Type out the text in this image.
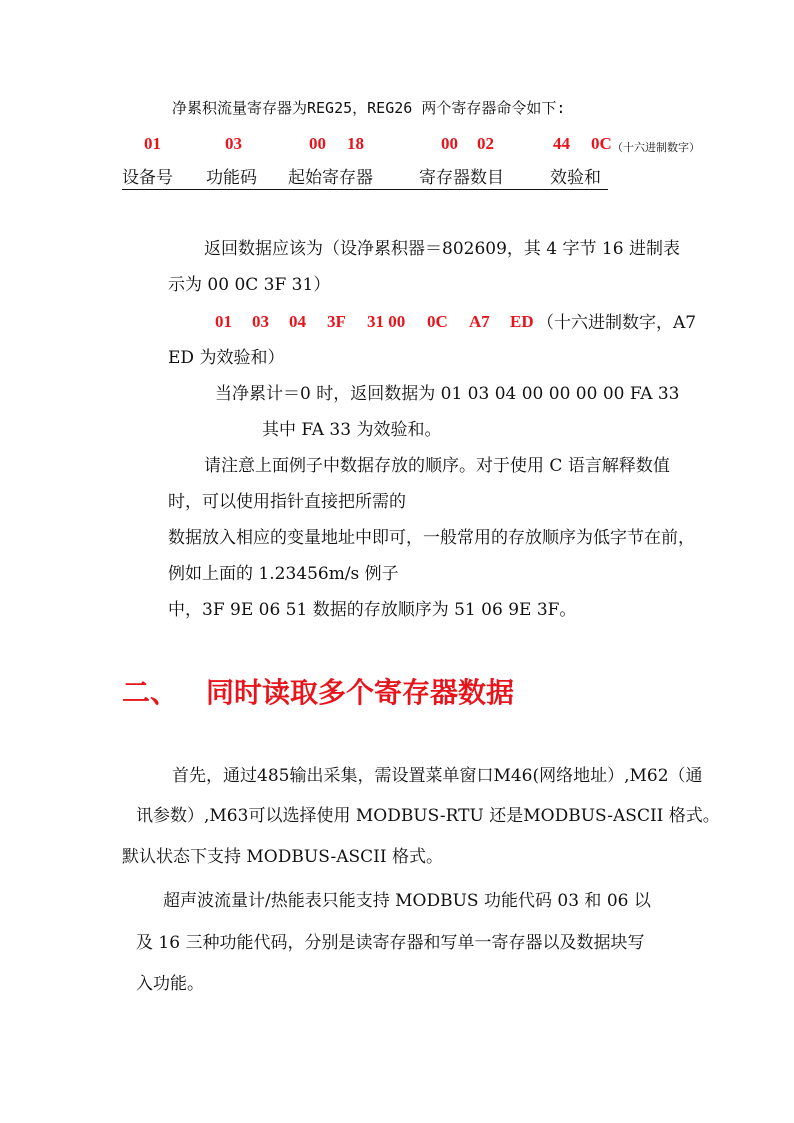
净累积流量寄存器为REG25，REG26 两个寄存器命令如下:
01	03	00 18	00 02	44 0C （十六进制数字）
设备号 功能码 起始寄存器	寄存器数目	效验和
返回数据应该为（设净累积器＝802609，其 4 字节 16 进制表
示为 00 0C 3F 31）
01 03 04 3F 31 00 0C A7 ED （十六进制数字，A7
ED 为效验和）
当净累计＝0 时，返回数据为 01 03 04 00 00 00 00 FA 33
其中 FA 33 为效验和。
请注意上面例子中数据存放的顺序。对于使用 C 语言解释数值
时，可以使用指针直接把所需的
数据放入相应的变量地址中即可，一般常用的存放顺序为低字节在前，
例如上面的 1.23456m/s 例子
中，3F 9E 06 51 数据的存放顺序为 51 06 9E 3F。
二、 同时读取多个寄存器数据
首先，通过485输出采集，需设置菜单窗口M46(网络地址）,M62（通
讯参数）,M63可以选择使用 MODBUS-RTU 还是MODBUS-ASCII 格式。
默认状态下支持 MODBUS-ASCII 格式。
超声波流量计/热能表只能支持 MODBUS 功能代码 03 和 06 以
及 16 三种功能代码，分别是读寄存器和写单一寄存器以及数据块写
入功能。
